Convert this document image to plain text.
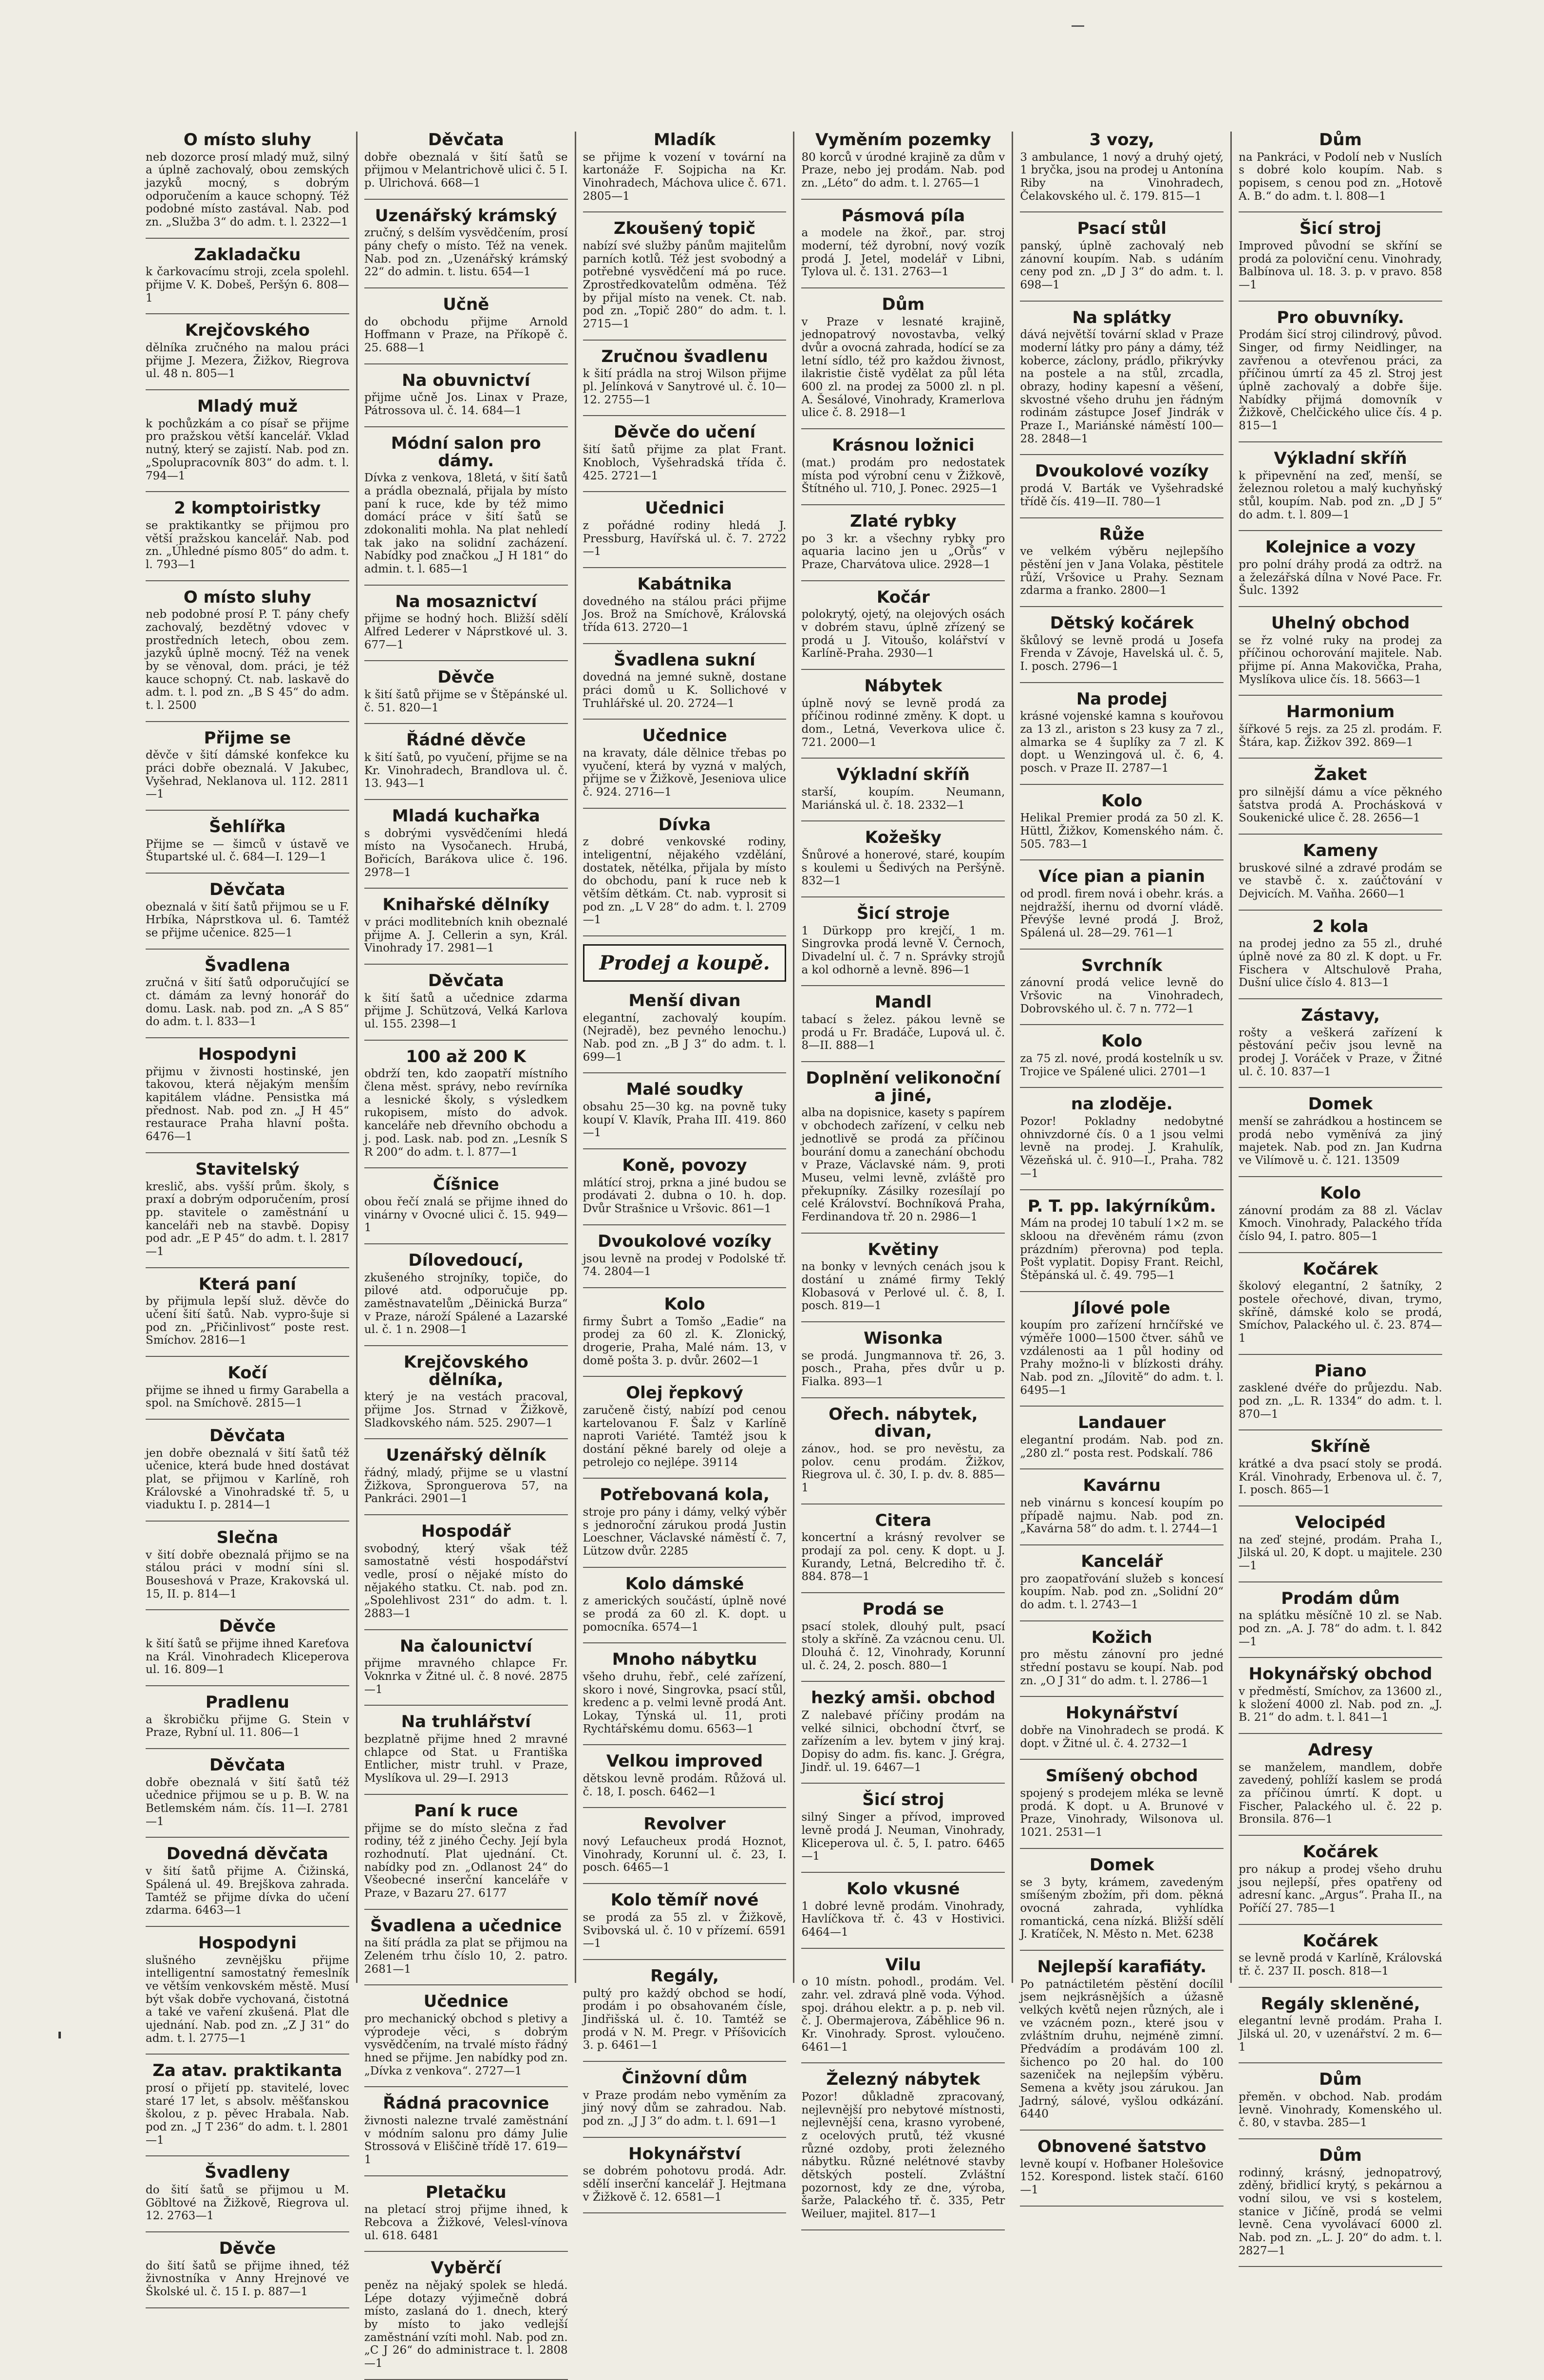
O místo sluhy

neb dozorce prosí mladý muž, silný a úplně zachovalý, obou zemských jazyků mocný, s dobrým odporučením a kauce schopný. Též podobné místo zastával. Nab. pod zn. „Služba 3“ do adm. t. l. 2322—1

Zakladačku

k čarkovacímu stroji, zcela spolehl. přijme V. K. Dobeš, Peršýn 6. 808—1

Krejčovského

dělníka zručného na malou práci přijme J. Mezera, Žižkov, Riegrova ul. 48 n. 805—1

Mladý muž

k pochůzkám a co písař se přijme pro pražskou větší kancelář. Vklad nutný, který se zajistí. Nab. pod zn. „Spolupracovník 803“ do adm. t. l. 794—1

2 komptoiristky

se praktikantky se přijmou pro větší pražskou kancelář. Nab. pod zn. „Úhledné písmo 805“ do adm. t. l. 793—1

O místo sluhy

neb podobné prosí P. T. pány chefy zachovalý, bezdětný vdovec v prostředních letech, obou zem. jazyků úplně mocný. Též na venek by se věnoval, dom. práci, je též kauce schopný. Ct. nab. laskavě do adm. t. l. pod zn. „B S 45“ do adm. t. l. 2500

Přijme se

děvče v šití dámské konfekce ku práci dobře obeznalá. V Jakubec, Vyšehrad, Neklanova ul. 112. 2811—1

Šehlířka

Přijme se — šimců v ústavě ve Štupartské ul. č. 684—I. 129—1

Děvčata

obeznalá v šití šatů přijmou se u F. Hrbíka, Náprstkova ul. 6. Tamtéž se přijme učenice. 825—1

Švadlena

zručná v šití šatů odporučující se ct. dámám za levný honorář do domu. Lask. nab. pod zn. „A S 85“ do adm. t. l. 833—1

Hospodyni

přijmu v živnosti hostinské, jen takovou, která nějakým menším kapitálem vládne. Pensistka má přednost. Nab. pod zn. „J H 45“ restaurace Praha hlavní pošta. 6476—1

Stavitelský

kreslič, abs. vyšší prům. školy, s praxí a dobrým odporučením, prosí pp. stavitele o zaměstnání u kanceláři neb na stavbě. Dopisy pod adr. „E P 45“ do adm. t. l. 2817—1

Která paní

by přijmula lepší služ. děvče do učení šití šatů. Nab. vypro-šuje si pod zn. „Přičinlivost“ poste rest. Smíchov. 2816—1

Kočí

přijme se ihned u firmy Garabella a spol. na Smíchově. 2815—1

Děvčata

jen dobře obeznalá v šití šatů též učenice, která bude hned dostávat plat, se přijmou v Karlíně, roh Královské a Vinohradské tř. 5, u viaduktu I. p. 2814—1

Slečna

v šití dobře obeznalá přijmo se na stálou práci v modní síni sl. Bouseshová v Praze, Krakovská ul. 15, II. p. 814—1

Děvče

k šití šatů se přijme ihned Kareťova na Král. Vinohradech Kliceperova ul. 16. 809—1

Pradlenu

a škrobičku přijme G. Stein v Praze, Rybní ul. 11. 806—1

Děvčata

dobře obeznalá v šití šatů též učednice přijmou se u p. B. W. na Betlemském nám. čís. 11—I. 2781—1

Dovedná děvčata

v šití šatů přijme A. Čižinská, Spálená ul. 49. Brejškova zahrada. Tamtéž se přijme dívka do učení zdarma. 6463—1

Hospodyni

slušného zevnějšku přijme intelligentní samostatný řemeslník ve větším venkovském městě. Musí být však dobře vychovaná, čistotná a také ve vaření zkušená. Plat dle ujednání. Nab. pod zn. „Z J 31“ do adm. t. l. 2775—1

Za atav. praktikanta

prosí o přijetí pp. stavitelé, lovec staré 17 let, s absolv. měšťanskou školou, z p. pěvec Hrabala. Nab. pod zn. „J T 236“ do adm. t. l. 2801—1

Švadleny

do šití šatů se přijmou u M. Göbltové na Žižkově, Riegrova ul. 12. 2763—1

Děvče

do šití šatů se přijme ihned, též živnostníka v Anny Hrejnové ve Školské ul. č. 15 I. p. 887—1

Děvčata

dobře obeznalá v šití šatů se přijmou v Melantrichově ulici č. 5 I. p. Ulrichová. 668—1

Uzenářský krámský

zručný, s delším vysvědčením, prosí pány chefy o místo. Též na venek. Nab. pod zn. „Uzenářský krámský 22“ do admin. t. listu. 654—1

Učně

do obchodu přijme Arnold Hoffmann v Praze, na Příkopě č. 25. 688—1

Na obuvnictví

přijme učně Jos. Linax v Praze, Pátrossova ul. č. 14. 684—1

Módní salon pro dámy.

Dívka z venkova, 18letá, v šití šatů a prádla obeznalá, přijala by místo paní k ruce, kde by též mimo domácí práce v šití šatů se zdokonaliti mohla. Na plat nehledí tak jako na solidní zacházení. Nabídky pod značkou „J H 181“ do admin. t. l. 685—1

Na mosaznictví

přijme se hodný hoch. Bližší sdělí Alfred Lederer v Náprstkové ul. 3. 677—1

Děvče

k šití šatů přijme se v Štěpánské ul. č. 51. 820—1

Řádné děvče

k šití šatů, po vyučení, přijme se na Kr. Vinohradech, Brandlova ul. č. 13. 943—1

Mladá kuchařka

s dobrými vysvědčeními hledá místo na Vysočanech. Hrubá, Bořicích, Barákova ulice č. 196. 2978—1

Knihařské dělníky

v práci modlitebních knih obeznalé přijme A. J. Cellerin a syn, Král. Vinohrady 17. 2981—1

Děvčata

k šití šatů a učednice zdarma přijme J. Schützová, Velká Karlova ul. 155. 2398—1

100 až 200 K

obdrží ten, kdo zaopatří místního člena měst. správy, nebo revírníka a lesnické školy, s výsledkem rukopisem, místo do advok. kanceláře neb dřevního obchodu a j. pod. Lask. nab. pod zn. „Lesník S R 200“ do adm. t. l. 877—1

Číšnice

obou řečí znalá se přijme ihned do vinárny v Ovocné ulici č. 15. 949—1

Dílovedoucí,

zkušeného strojníky, topiče, do pilové atd. odporučuje pp. zaměstnavatelům „Děinická Burza“ v Praze, nároží Spálené a Lazarské ul. č. 1 n. 2908—1

Krejčovského dělníka,

který je na vestách pracoval, přijme Jos. Strnad v Žižkově, Sladkovského nám. 525. 2907—1

Uzenářský dělník

řádný, mladý, přijme se u vlastní Žižkova, Spronguerova 57, na Pankráci. 2901—1

Hospodář

svobodný, který však též samostatně vésti hospodářství vedle, prosí o nějaké místo do nějakého statku. Ct. nab. pod zn. „Spolehlivost 231“ do adm. t. l. 2883—1

Na čalounictví

přijme mravného chlapce Fr. Voknrka v Žitné ul. č. 8 nové. 2875—1

Na truhlářství

bezplatně přijme hned 2 mravné chlapce od Stat. u Františka Entlicher, mistr truhl. v Praze, Myslíkova ul. 29—I. 2913

Paní k ruce

přijme se do místo slečna z řad rodiny, též z jiného Čechy. Její byla rozhodnutí. Plat ujednání. Ct. nabídky pod zn. „Odlanost 24“ do Všeobecné inserční kanceláře v Praze, v Bazaru 27. 6177

Švadlena a učednice

na šití prádla za plat se přijmou na Zeleném trhu číslo 10, 2. patro. 2681—1

Učednice

pro mechanický obchod s pletivy a výprodeje věci, s dobrým vysvědčením, na trvalé místo řádný hned se přijme. Jen nabídky pod zn. „Dívka z venkova“. 2727—1

Řádná pracovnice

živnosti nalezne trvalé zaměstnání v módním salonu pro dámy Julie Strossová v Eliščině třídě 17. 619—1

Pletačku

na pletací stroj přijme ihned, k Rebcova a Žižkové, Velesl-vínova ul. 618. 6481

Vyběrčí

peněz na nějaký spolek se hledá. Lépe dotazy výjimečně dobrá místo, zaslaná do 1. dnech, který by místo to jako vedlejší zaměstnání vzíti mohl. Nab. pod zn. „C J 26“ do administrace t. l. 2808—1

Mladík

se přijme k vození v tovární na kartonáže F. Sojpicha na Kr. Vinohradech, Máchova ulice č. 671. 2805—1

Zkoušený topič

nabízí své služby pánům majitelům parních kotlů. Též jest svobodný a potřebné vysvědčení má po ruce. Zprostředkovatelům odměna. Též by přijal místo na venek. Ct. nab. pod zn. „Topič 280“ do adm. t. l. 2715—1

Zručnou švadlenu

k šití prádla na stroj Wilson přijme pl. Jelínková v Sanytrové ul. č. 10—12. 2755—1

Děvče do učení

šití šatů přijme za plat Frant. Knobloch, Vyšehradská třída č. 425. 2721—1

Učednici

z pořádné rodiny hledá J. Pressburg, Havířská ul. č. 7. 2722—1

Kabátnika

dovedného na stálou práci přijme Jos. Brož na Smíchově, Královská třída 613. 2720—1

Švadlena sukní

dovedná na jemné sukně, dostane práci domů u K. Sollichové v Truhlářské ul. 20. 2724—1

Učednice

na kravaty, dále dělnice třebas po vyučení, která by vyzná v malých, přijme se v Žižkově, Jeseniova ulice č. 924. 2716—1

Dívka

z dobré venkovské rodiny, inteligentní, nějakého vzdělání, dostatek, nětélka, přijala by místo do obchodu, paní k ruce neb k větším dětkám. Ct. nab. vyprosit si pod zn. „L V 28“ do adm. t. l. 2709—1

Prodej a koupě.
Menší divan

elegantní, zachovalý koupím. (Nejradě), bez pevného lenochu.) Nab. pod zn. „B J 3“ do adm. t. l. 699—1

Malé soudky

obsahu 25—30 kg. na povně tuky koupí V. Klavík, Praha III. 419. 860—1

Koně, povozy

mlátící stroj, prkna a jiné budou se prodávati 2. dubna o 10. h. dop. Dvůr Strašnice u Vršovic. 861—1

Dvoukolové vozíky

jsou levně na prodej v Podolské tř. 74. 2804—1

Kolo

firmy Šubrt a Tomšo „Eadie“ na prodej za 60 zl. K. Zlonický, drogerie, Praha, Malé nám. 13, v domě pošta 3. p. dvůr. 2602—1

Olej řepkový

zaručeně čistý, nabízí pod cenou kartelovanou F. Šalz v Karlíně naproti Variété. Tamtéž jsou k dostání pěkné barely od oleje a petrolejo co nejlépe. 39114

Potřebovaná kola,

stroje pro pány i dámy, velký výběr s jednoroční zárukou prodá Justin Loeschner, Václavské náměstí č. 7, Lützow dvůr. 2285

Kolo dámské

z amerických součástí, úplně nové se prodá za 60 zl. K. dopt. u pomocníka. 6574—1

Mnoho nábytku

všeho druhu, řebř., celé zařízení, skoro i nové, Singrovka, psací stůl, kredenc a p. velmi levně prodá Ant. Lokay, Týnská ul. 11, proti Rychtářskému domu. 6563—1

Velkou improved

dětskou levně prodám. Růžová ul. č. 18, I. posch. 6462—1

Revolver

nový Lefaucheux prodá Hoznot, Vinohrady, Korunní ul. č. 23, I. posch. 6465—1

Kolo těmíř nové

se prodá za 55 zl. v Žižkově, Svibovská ul. č. 10 v přízemí. 6591—1

Regály,

pultý pro každý obchod se hodí, prodám i po obsahovaném čísle, Jindřišská ul. č. 10. Tamtéž se prodá v N. M. Pregr. v Příšovicích 3. p. 6461—1

Činžovní dům

v Praze prodám nebo vyměním za jiný nový dům se zahradou. Nab. pod zn. „J J 3“ do adm. t. l. 691—1

Hokynářství

se dobrém pohotovu prodá. Adr. sdělí inserční kancelář J. Hejtmana v Žižkově č. 12. 6581—1

Vyměním pozemky

80 korců v úrodné krajině za dům v Praze, nebo jej prodám. Nab. pod zn. „Léto“ do adm. t. l. 2765—1

Pásmová píla

a modele na žkoř., par. stroj moderní, též dyrobní, nový vozík prodá J. Jetel, modelář v Libni, Tylova ul. č. 131. 2763—1

Dům

v Praze v lesnaté krajině, jednopatrový novostavba, velký dvůr a ovocná zahrada, hodící se za letní sídlo, též pro každou živnost, ilakristie čistě vydělat za půl léta 600 zl. na prodej za 5000 zl. n pl. A. Šesálové, Vinohrady, Kramerlova ulice č. 8. 2918—1

Krásnou ložnici

(mat.) prodám pro nedostatek místa pod výrobní cenu v Žižkově, Štítného ul. 710, J. Ponec. 2925—1

Zlaté rybky

po 3 kr. a všechny rybky pro aquaria lacino jen u „Orůs“ v Praze, Charvátova ulice. 2928—1

Kočár

polokrytý, ojetý, na olejových osách v dobrém stavu, úplně zřízený se prodá u J. Vitoušo, kolářství v Karlíně-Praha. 2930—1

Nábytek

úplně nový se levně prodá za příčinou rodinné změny. K dopt. u dom., Letná, Veverkova ulice č. 721. 2000—1

Výkladní skříň

starší, koupím. Neumann, Mariánská ul. č. 18. 2332—1

Kožešky

Šnůrové a honerové, staré, koupím s koulemi u Šedivých na Peršýně. 832—1

Šicí stroje

1 Dürkopp pro krejčí, 1 m. Singrovka prodá levně V. Černoch, Divadelní ul. č. 7 n. Správky strojů a kol odhorně a levně. 896—1

Mandl

tabací s želez. pákou levně se prodá u Fr. Bradáče, Lupová ul. č. 8—II. 888—1

Doplnění velikonoční a jiné,

alba na dopisnice, kasety s papírem v obchodech zařízení, v celku neb jednotlivě se prodá za příčinou bourání domu a zanechání obchodu v Praze, Václavské nám. 9, proti Museu, velmi levně, zvláště pro překupníky. Zásilky rozesílají po celé Království. Bochníková Praha, Ferdinandova tř. 20 n. 2986—1

Květiny

na bonky v levných cenách jsou k dostání u známé firmy Teklý Klobasová v Perlové ul. č. 8, I. posch. 819—1

Wisonka

se prodá. Jungmannova tř. 26, 3. posch., Praha, přes dvůr u p. Fialka. 893—1

Ořech. nábytek, divan,

zánov., hod. se pro nevěstu, za polov. cenu prodám. Žižkov, Riegrova ul. č. 30, I. p. dv. 8. 885—1

Citera

koncertní a krásný revolver se prodají za pol. ceny. K dopt. u J. Kurandy, Letná, Belcrediho tř. č. 884. 878—1

Prodá se

psací stolek, dlouhý pult, psací stoly a skříně. Za vzácnou cenu. Ul. Dlouhá č. 12, Vinohrady, Korunní ul. č. 24, 2. posch. 880—1

hezký amši. obchod

Z nalebavé příčiny prodám na velké silnici, obchodní čtvrť, se zařízením a lev. bytem v jiný kraj. Dopisy do adm. fis. kanc. J. Grégra, Jindř. ul. 19. 6467—1

Šicí stroj

silný Singer a přívod, improved levně prodá J. Neuman, Vinohrady, Kliceperova ul. č. 5, I. patro. 6465—1

Kolo vkusné

1 dobré levně prodám. Vinohrady, Havlíčkova tř. č. 43 v Hostivici. 6464—1

Vilu

o 10 místn. pohodl., prodám. Vel. zahr. vel. zdravá plně voda. Výhod. spoj. dráhou elektr. a p. p. neb vil. č. J. Obermajerova, Záběhlice 96 n. Kr. Vinohrady. Sprost. vyloučeno. 6461—1

Železný nábytek

Pozor! důkladně zpracovaný, nejlevnější pro nebytové místnosti, nejlevnější cena, krasno vyrobené, z ocelových prutů, též vkusné různé ozdoby, proti železného nábytku. Různé nelétnové stavby dětských postelí. Zvláštní pozornost, kdy ze dne, výroba, šarže, Palackého tř. č. 335, Petr Weiluer, majitel. 817—1

3 vozy,

3 ambulance, 1 nový a druhý ojetý, 1 bryčka, jsou na prodej u Antonína Riby na Vinohradech, Čelakovského ul. č. 179. 815—1

Psací stůl

panský, úplně zachovalý neb zánovní koupím. Nab. s udáním ceny pod zn. „D J 3“ do adm. t. l. 698—1

Na splátky

dává největší tovární sklad v Praze moderní látky pro pány a dámy, též koberce, záclony, prádlo, přikrývky na postele a na stůl, zrcadla, obrazy, hodiny kapesní a věšení, skvostné všeho druhu jen řádným rodinám zástupce Josef Jindrák v Praze I., Mariánské náměstí 100—28. 2848—1

Dvoukolové vozíky

prodá V. Barták ve Vyšehradské třídě čís. 419—II. 780—1

Růže

ve velkém výběru nejlepšího pěstění jen v Jana Volaka, pěstitele růží, Vršovice u Prahy. Seznam zdarma a franko. 2800—1

Dětský kočárek

škůlový se levně prodá u Josefa Frenda v Závoje, Havelská ul. č. 5, I. posch. 2796—1

Na prodej

krásné vojenské kamna s kouřovou za 13 zl., ariston s 23 kusy za 7 zl., almarka se 4 šuplíky za 7 zl. K dopt. u Wenzingová ul. č. 6, 4. posch. v Praze II. 2787—1

Kolo

Helikal Premier prodá za 50 zl. K. Hüttl, Žižkov, Komenského nám. č. 505. 783—1

Více pian a pianin

od prodl. firem nová i obehr. krás. a nejdražší, ihernu od dvorní vládě. Převýše levné prodá J. Brož, Spálená ul. 28—29. 761—1

Svrchník

zánovní prodá velice levně do Vršovic na Vinohradech, Dobrovského ul. č. 7 n. 772—1

Kolo

za 75 zl. nové, prodá kostelník u sv. Trojice ve Spálené ulici. 2701—1

na zloděje.

Pozor! Pokladny nedobytné ohnivzdorné čís. 0 a 1 jsou velmi levně na prodej. J. Krahulík, Vězeňská ul. č. 910—I., Praha. 782—1

P. T. pp. lakýrníkům.

Mám na prodej 10 tabulí 1×2 m. se skloou na dřevěném rámu (zvon prázdním) přerovna) pod tepla. Pošt vyplatit. Dopisy Frant. Reichl, Štěpánská ul. č. 49. 795—1

Jílové pole

koupím pro zařízení hrnčířské ve výměře 1000—1500 čtver. sáhů ve vzdálenosti aa 1 půl hodiny od Prahy možno-li v blízkosti dráhy. Nab. pod zn. „Jílovitě“ do adm. t. l. 6495—1

Landauer

elegantní prodám. Nab. pod zn. „280 zl.“ posta rest. Podskalí. 786

Kavárnu

neb vinárnu s koncesí koupím po případě najmu. Nab. pod zn. „Kavárna 58“ do adm. t. l. 2744—1

Kancelář

pro zaopatřování služeb s koncesí koupím. Nab. pod zn. „Solidní 20“ do adm. t. l. 2743—1

Kožich

pro městu zánovní pro jedné střední postavu se koupí. Nab. pod zn. „O J 31“ do adm. t. l. 2786—1

Hokynářství

dobře na Vinohradech se prodá. K dopt. v Žitné ul. č. 4. 2732—1

Smíšený obchod

spojený s prodejem mléka se levně prodá. K dopt. u A. Brunové v Praze, Vinohrady, Wilsonova ul. 1021. 2531—1

Domek

se 3 byty, krámem, zavedeným smíšeným zbožím, při dom. pěkná ovocná zahrada, vyhlídka romantická, cena nízká. Bližší sdělí J. Kratíček, N. Město n. Met. 6238

Nejlepší karafiáty.

Po patnáctiletém pěstění docílil jsem nejkrásnějších a úžasně velkých květů nejen různých, ale i ve vzácném pozn., které jsou v zvláštním druhu, nejméně zimní. Předvádím a prodávám 100 zl. šichenco po 20 hal. do 100 sazeniček na nejlepším výběru. Semena a květy jsou zárukou. Jan Jadrný, sálové, vyšlou odkázání. 6440

Obnovené šatstvo

levně koupí v. Hofbaner Holešovice 152. Korespond. listek stačí. 6160—1

Dům

na Pankráci, v Podolí neb v Nuslích s dobré kolo koupím. Nab. s popisem, s cenou pod zn. „Hotově A. B.“ do adm. t. l. 808—1

Šicí stroj

Improved původní se skříní se prodá za poloviční cenu. Vinohrady, Balbínova ul. 18. 3. p. v pravo. 858—1

Pro obuvníky.

Prodám šicí stroj cilindrový, původ. Singer, od firmy Neidlinger, na zavřenou a otevřenou práci, za příčinou úmrtí za 45 zl. Stroj jest úplně zachovalý a dobře šije. Nabídky přijmá domovník v Žižkově, Chelčického ulice čís. 4 p. 815—1

Výkladní skříň

k připevnění na zeď, menší, se železnou roletou a malý kuchyňský stůl, koupím. Nab. pod zn. „D J 5“ do adm. t. l. 809—1

Kolejnice a vozy

pro polní dráhy prodá za odtrž. na a železářská dílna v Nové Pace. Fr. Šulc. 1392

Uhelný obchod

se řz volné ruky na prodej za příčinou ochorování majitele. Nab. přijme pí. Anna Makovička, Praha, Myslíkova ulice čís. 18. 5663—1

Harmonium

šířkové 5 rejs. za 25 zl. prodám. F. Štára, kap. Žižkov 392. 869—1

Žaket

pro silnější dámu a více pěkného šatstva prodá A. Prochásková v Soukenické ulice č. 28. 2656—1

Kameny

bruskové silné a zdravé prodám se ve stavbě č. x. zaúčtování v Dejvicích. M. Vaňha. 2660—1

2 kola

na prodej jedno za 55 zl., druhé úplně nové za 80 zl. K dopt. u Fr. Fischera v Altschulově Praha, Dušní ulice číslo 4. 813—1

Zástavy,

rošty a veškerá zařízení k pěstování pečiv jsou levně na prodej J. Voráček v Praze, v Žitné ul. č. 10. 837—1

Domek

menší se zahrádkou a hostincem se prodá nebo vyměnívá za jiný majetek. Nab. pod zn. Jan Kudrna ve Vilímově u. č. 121. 13509

Kolo

zánovní prodám za 88 zl. Václav Kmoch. Vinohrady, Palackého třída číslo 94, I. patro. 805—1

Kočárek

školový elegantní, 2 šatníky, 2 postele ořechové, divan, trymo, skříně, dámské kolo se prodá, Smíchov, Palackého ul. č. 23. 874—1

Piano

zasklené dvéře do průjezdu. Nab. pod zn. „L. R. 1334“ do adm. t. l. 870—1

Skříně

krátké a dva psací stoly se prodá. Král. Vinohrady, Erbenova ul. č. 7, I. posch. 865—1

Velocipéd

na zeď stejné, prodám. Praha I., Jilská ul. 20, K dopt. u majitele. 230—1

Prodám dům

na splátku měsíčně 10 zl. se Nab. pod zn. „A. J. 78“ do adm. t. l. 842—1

Hokynářský obchod

v předměstí, Smíchov, za 13600 zl., k složení 4000 zl. Nab. pod zn. „J. B. 21“ do adm. t. l. 841—1

Adresy

se manželem, mandlem, dobře zavedený, pohlíží kaslem se prodá za příčinou úmrtí. K dopt. u Fischer, Palackého ul. č. 22 p. Bronsila. 876—1

Kočárek

pro nákup a prodej všeho druhu jsou nejlepší, přes opatřeny od adresní kanc. „Argus“. Praha II., na Poříčí 27. 785—1

Kočárek

se levně prodá v Karlíně, Královská tř. č. 237 II. posch. 818—1

Regály skleněné,

elegantní levně prodám. Praha I. Jilská ul. 20, v uzenářství. 2 m. 6—1

Dům

přeměn. v obchod. Nab. prodám levně. Vinohrady, Komenského ul. č. 80, v stavba. 285—1

Dům

rodinný, krásný, jednopatrový, zděný, břidlicí krytý, s pekárnou a vodní silou, ve vsi s kostelem, stanice v Jičíně, prodá se velmi levně. Cena vyvolávací 6000 zl. Nab. pod zn. „L. J. 20“ do adm. t. l. 2827—1
